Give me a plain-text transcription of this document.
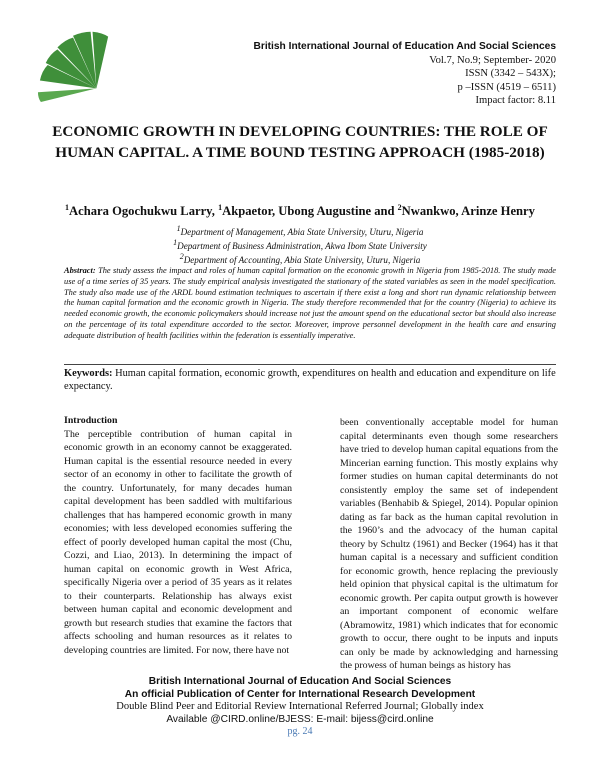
British International Journal of Education And Social Sciences
Vol.7, No.9; September- 2020
ISSN (3342 – 543X);
p –ISSN (4519 – 6511)
Impact factor: 8.11
ECONOMIC GROWTH IN DEVELOPING COUNTRIES: THE ROLE OF HUMAN CAPITAL. A TIME BOUND TESTING APPROACH (1985-2018)
$^1$Achara Ogochukwu Larry, $^1$Akpaetor, Ubong Augustine and $^2$Nwankwo, Arinze Henry
$^1$Department of Management, Abia State University, Uturu, Nigeria
$^1$Department of Business Administration, Akwa Ibom State University
$^2$Department of Accounting, Abia State University, Uturu, Nigeria
Abstract: The study assess the impact and roles of human capital formation on the economic growth in Nigeria from 1985-2018. The study made use of a time series of 35 years. The study empirical analysis investigated the stationary of the stated variables as seen in the model specification. The study also made use of the ARDL bound estimation techniques to ascertain if there exist a long and short run dynamic relationship between the human capital formation and the economic growth in Nigeria. The study therefore recommended that for the country (Nigeria) to achieve its needed economic growth, the economic policymakers should increase not just the amount spend on the educational sector but should also increase on the percentage of its total expenditure accorded to the sector. Moreover, improve personnel development in the health care and ensuring adequate distribution of health facilities within the federation is essentially imperative.
Keywords: Human capital formation, economic growth, expenditures on health and education and expenditure on life expectancy.
Introduction

The perceptible contribution of human capital in economic growth in an economy cannot be exaggerated. Human capital is the essential resource needed in every sector of an economy in other to facilitate the growth of the country. Unfortunately, for many decades human capital development has been saddled with multifarious challenges that has hampered economic growth in many economies; with less developed economies suffering the effect of poorly developed human capital the most (Chu, Cozzi, and Liao, 2013). In determining the impact of human capital on economic growth in West Africa, specifically Nigeria over a period of 35 years as it relates to their counterparts. Relationship has always exist between human capital and economic development and growth but research studies that examine the factors that affects schooling and human resources as it relates to developing countries are limited. For now, there have not

been conventionally acceptable model for human capital determinants even though some researchers have tried to develop human capital equations from the Mincerian earning function. This mostly explains why former studies on human capital determinants do not consistently employ the same set of independent variables (Benhabib & Spiegel, 2014). Popular opinion dating as far back as the human capital revolution in the 1960’s and the advocacy of the human capital theory by Schultz (1961) and Becker (1964) has it that human capital is a necessary and sufficient condition for economic growth, hence replacing the previously held opinion that physical capital is the ultimatum for economic growth. Per capita output growth is however an important component of economic welfare (Abramowitz, 1981) which indicates that for economic growth to occur, there ought to be inputs and inputs can only be made by acknowledging and harnessing the prowess of human beings as history has

British International Journal of Education And Social Sciences
An official Publication of Center for International Research Development
Double Blind Peer and Editorial Review International Referred Journal; Globally index
Available @CIRD.online/BJESS: E-mail: bijess@cird.online
pg. 24
